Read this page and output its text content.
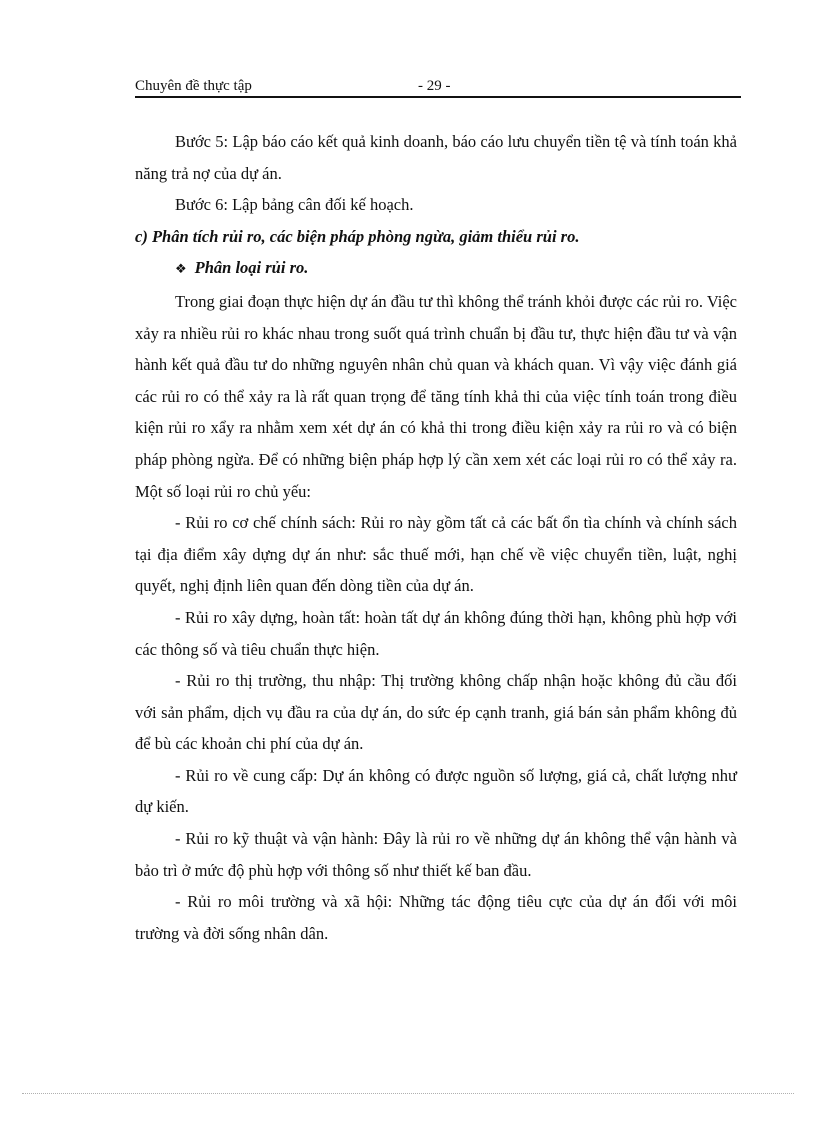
Chuyên đề thực tập	- 29 -

Bước 5: Lập báo cáo kết quả kinh doanh, báo cáo lưu chuyển tiền tệ và tính toán khả năng trả nợ của dự án.

Bước 6: Lập bảng cân đối kế hoạch.

c) Phân tích rủi ro, các biện pháp phòng ngừa, giảm thiểu rủi ro.

❖ Phân loại rủi ro.

Trong giai đoạn thực hiện dự án đầu tư thì không thể tránh khỏi được các rủi ro. Việc xảy ra nhiều rủi ro khác nhau trong suốt quá trình chuẩn bị đầu tư, thực hiện đầu tư và vận hành kết quả đầu tư do những nguyên nhân chủ quan và khách quan. Vì vậy việc đánh giá các rủi ro có thể xảy ra là rất quan trọng để tăng tính khả thi của việc tính toán trong điều kiện rủi ro xẩy ra nhằm xem xét dự án có khả thi trong điều kiện xảy ra rủi ro và có biện pháp phòng ngừa. Để có những biện pháp hợp lý cần xem xét các loại rủi ro có thể xảy ra. Một số loại rủi ro chủ yếu:

- Rủi ro cơ chế chính sách: Rủi ro này gồm tất cả các bất ổn tìa chính và chính sách tại địa điểm xây dựng dự án như: sắc thuế mới, hạn chế về việc chuyển tiền, luật, nghị quyết, nghị định liên quan đến dòng tiền của dự án.

- Rủi ro xây dựng, hoàn tất: hoàn tất dự án không đúng thời hạn, không phù hợp với các thông số và tiêu chuẩn thực hiện.

- Rủi ro thị trường, thu nhập: Thị trường không chấp nhận hoặc không đủ cầu đối với sản phẩm, dịch vụ đầu ra của dự án, do sức ép cạnh tranh, giá bán sản phẩm không đủ để bù các khoản chi phí của dự án.

- Rủi ro về cung cấp: Dự án không có được nguồn số lượng, giá cả, chất lượng như dự kiến.

- Rủi ro kỹ thuật và vận hành: Đây là rủi ro về những dự án không thể vận hành và bảo trì ở mức độ phù hợp với thông số như thiết kế ban đầu.

- Rủi ro môi trường và xã hội: Những tác động tiêu cực của dự án đối với môi trường và đời sống nhân dân.
